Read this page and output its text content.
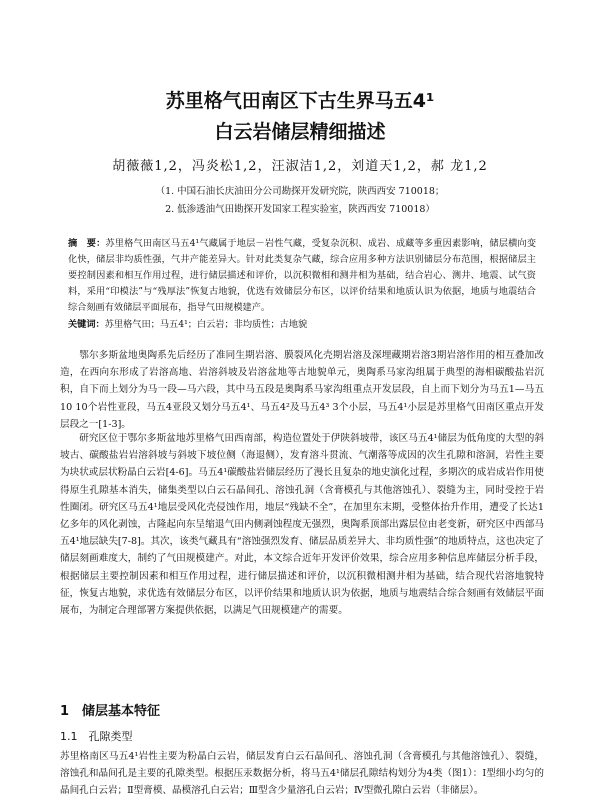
苏里格气田南区下古生界马五4¹
白云岩储层精细描述
胡薇薇1,2，冯炎松1,2，汪淑洁1,2，刘道天1,2，郝 龙1,2
（1. 中国石油长庆油田分公司勘探开发研究院，陕西西安 710018；
2. 低渗透油气田勘探开发国家工程实验室，陕西西安 710018）
摘　要：苏里格气田南区马五4¹气藏属于地层－岩性气藏，受复杂沉积、成岩、成藏等多重因素影响，储层横向变化快，储层非均质性强，气井产能差异大。针对此类复杂气藏，综合应用多种方法识别储层分布范围，根据储层主要控制因素和相互作用过程，进行储层描述和评价，以沉积微相和测井相为基础，结合岩心、测井、地震、试气资料，采用“印模法”与“残厚法”恢复古地貌，优选有效储层分布区，以评价结果和地质认识为依据，地质与地震结合综合刻画有效储层平面展布，指导气田规模建产。
关键词：苏里格气田；马五4¹；白云岩；非均质性；古地貌
鄂尔多斯盆地奥陶系先后经历了准同生期岩溶、膜裂风化壳期岩溶及深埋藏期岩溶3期岩溶作用的相互叠加改造，在西向东形成了岩溶高地、岩溶斜坡及岩溶盆地等古地貌单元，奥陶系马家沟组属于典型的海相碳酸盐岩沉积，自下而上划分为马一段—马六段，其中马五段是奥陶系马家沟组重点开发层段，自上而下划分为马五1—马五10 10个岩性亚段，马五4亚段又划分马五4¹、马五4²及马五4³ 3个小层，马五4¹小层是苏里格气田南区重点开发层段之一[1-3]。
研究区位于鄂尔多斯盆地苏里格气田西南部，构造位置处于伊陕斜坡带，该区马五4¹储层为低角度的大型的斜坡古、碳酸盐岩岩溶斜坡与斜坡下坡位侧（海退侧），发育溶斗贯流、气潮落等成因的次生孔隙和溶洞，岩性主要为块状或层状粉晶白云岩[4-6]。马五4¹碳酸盐岩储层经历了漫长且复杂的地史演化过程，多期次的成岩成岩作用使得原生孔隙基本消失，储集类型以白云石晶间孔、溶蚀孔洞（含膏模孔与其他溶蚀孔）、裂缝为主，同时受控于岩性圈闭。研究区马五4¹地层受风化壳侵蚀作用，地层“残缺不全”，在加里东末期，受整体抬升作用，遭受了长达1亿多年的风化剥蚀，古隆起向东呈缩退气田内侧剥蚀程度无强烈，奥陶系顶部出露层位由老变新，研究区中西部马五4¹地层缺失[7-8]。其次，该类气藏具有“溶蚀强烈发育、储层品质差异大、非均质性强”的地质特点，这也决定了储层刻画难度大，制约了气田规模建产。对此，本文综合近年开发评价效果，综合应用多种信息库储层分析手段，根据储层主要控制因素和相互作用过程，进行储层描述和评价，以沉积微相测井相为基础，结合现代岩溶地貌特征，恢复古地貌，求优选有效储层分布区，以评价结果和地质认识为依据，地质与地震结合综合刻画有效储层平面展布，为制定合理部署方案提供依据，以满足气田规模建产的需要。
1　储层基本特征
1.1　孔隙类型
苏里格南区马五4¹岩性主要为粉晶白云岩，储层发育白云石晶间孔、溶蚀孔洞（含膏模孔与其他溶蚀孔）、裂缝，溶蚀孔和晶间孔是主要的孔隙类型。根据压汞数据分析，将马五4¹储层孔隙结构划分为4类（图1）：Ⅰ型细小均匀的晶间孔白云岩；Ⅱ型膏模、晶模溶孔白云岩；Ⅲ型含少量溶孔白云岩；Ⅳ型微孔隙白云岩（非储层）。
